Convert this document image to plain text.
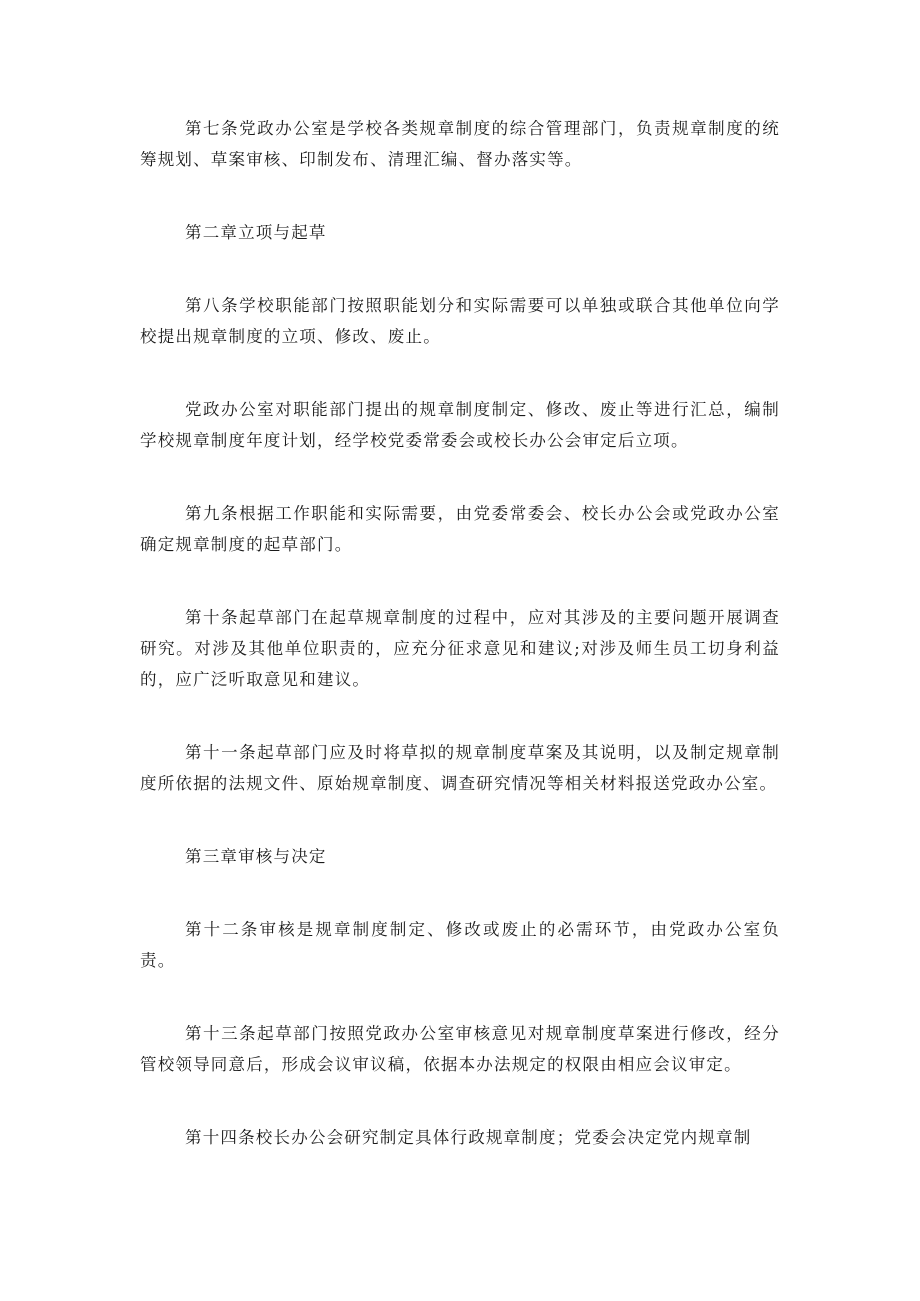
第七条党政办公室是学校各类规章制度的综合管理部门，负责规章制度的统筹规划、草案审核、印制发布、清理汇编、督办落实等。

第二章立项与起草

第八条学校职能部门按照职能划分和实际需要可以单独或联合其他单位向学校提出规章制度的立项、修改、废止。

党政办公室对职能部门提出的规章制度制定、修改、废止等进行汇总，编制学校规章制度年度计划，经学校党委常委会或校长办公会审定后立项。

第九条根据工作职能和实际需要，由党委常委会、校长办公会或党政办公室确定规章制度的起草部门。

第十条起草部门在起草规章制度的过程中，应对其涉及的主要问题开展调查研究。对涉及其他单位职责的，应充分征求意见和建议;对涉及师生员工切身利益的，应广泛听取意见和建议。

第十一条起草部门应及时将草拟的规章制度草案及其说明，以及制定规章制度所依据的法规文件、原始规章制度、调查研究情况等相关材料报送党政办公室。

第三章审核与决定

第十二条审核是规章制度制定、修改或废止的必需环节，由党政办公室负责。

第十三条起草部门按照党政办公室审核意见对规章制度草案进行修改，经分管校领导同意后，形成会议审议稿，依据本办法规定的权限由相应会议审定。

第十四条校长办公会研究制定具体行政规章制度；党委会决定党内规章制
